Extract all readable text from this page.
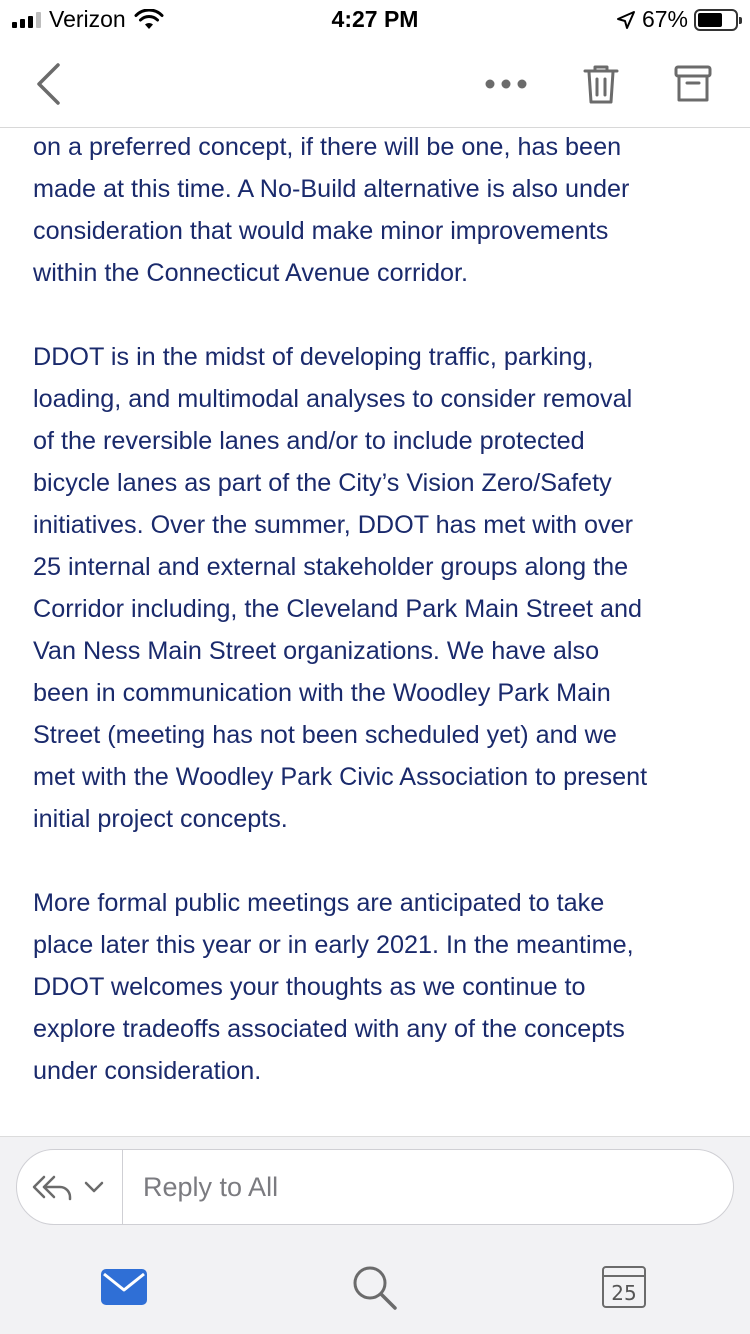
Verizon	4:27 PM	67%

on a preferred concept, if there will be one, has been
made at this time. A No-Build alternative is also under
consideration that would make minor improvements
within the Connecticut Avenue corridor.

DDOT is in the midst of developing traffic, parking,
loading, and multimodal analyses to consider removal
of the reversible lanes and/or to include protected
bicycle lanes as part of the City’s Vision Zero/Safety
initiatives. Over the summer, DDOT has met with over
25 internal and external stakeholder groups along the
Corridor including, the Cleveland Park Main Street and
Van Ness Main Street organizations. We have also
been in communication with the Woodley Park Main
Street (meeting has not been scheduled yet) and we
met with the Woodley Park Civic Association to present
initial project concepts.

More formal public meetings are anticipated to take
place later this year or in early 2021. In the meantime,
DDOT welcomes your thoughts as we continue to
explore tradeoffs associated with any of the concepts
under consideration.

Reply to All
25
